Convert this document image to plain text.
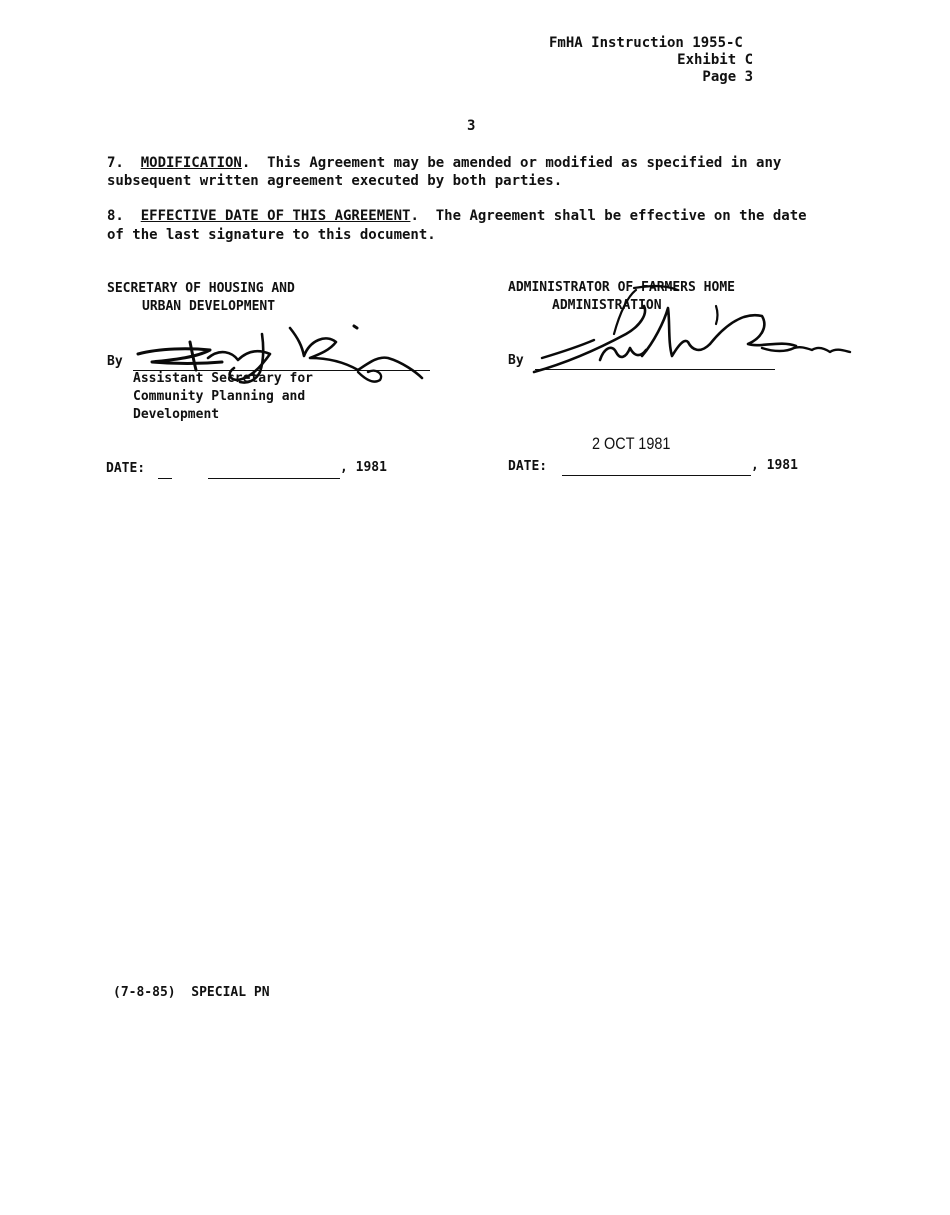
FmHA Instruction 1955-C
Exhibit C
Page 3
3
7. MODIFICATION.  This Agreement may be amended or modified as specified in any
subsequent written agreement executed by both parties.
8. EFFECTIVE DATE OF THIS AGREEMENT.  The Agreement shall be effective on the date
of the last signature to this document.
SECRETARY OF HOUSING AND
URBAN DEVELOPMENT
By
Assistant Secretary for
Community Planning and
Development
DATE:	, 1981
ADMINISTRATOR OF FARMERS HOME
ADMINISTRATION
By
DATE:
2 OCT 1981
, 1981
(7-8-85)  SPECIAL PN
